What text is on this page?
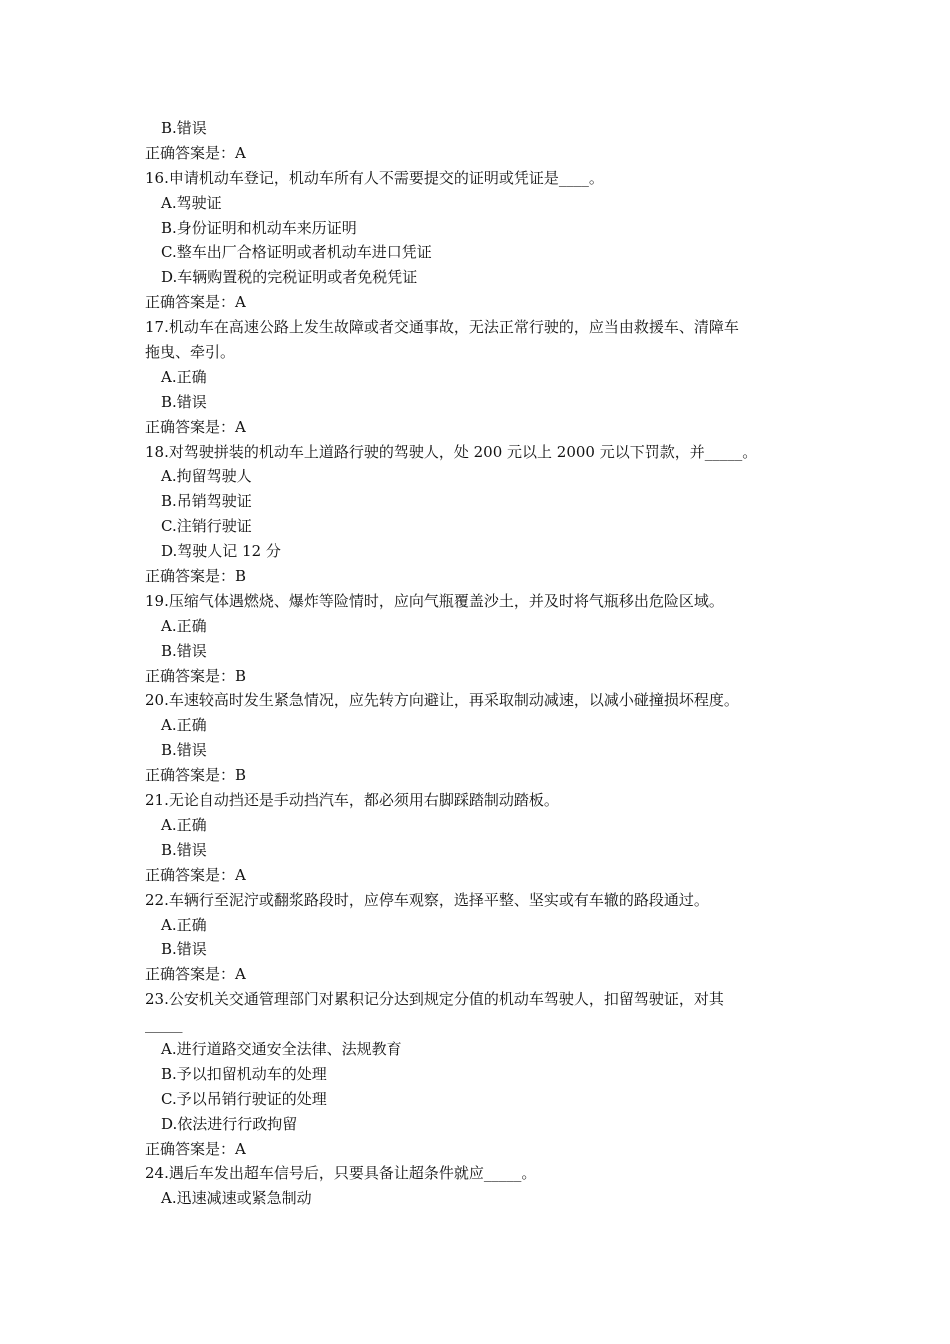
B.错误
正确答案是：A
16.申请机动车登记，机动车所有人不需要提交的证明或凭证是____。
A.驾驶证
B.身份证明和机动车来历证明
C.整车出厂合格证明或者机动车进口凭证
D.车辆购置税的完税证明或者免税凭证
正确答案是：A
17.机动车在高速公路上发生故障或者交通事故，无法正常行驶的，应当由救援车、清障车
拖曳、牵引。
A.正确
B.错误
正确答案是：A
18.对驾驶拼装的机动车上道路行驶的驾驶人，处 200 元以上 2000 元以下罚款，并_____。
A.拘留驾驶人
B.吊销驾驶证
C.注销行驶证
D.驾驶人记 12 分
正确答案是：B
19.压缩气体遇燃烧、爆炸等险情时，应向气瓶覆盖沙土，并及时将气瓶移出危险区域。
A.正确
B.错误
正确答案是：B
20.车速较高时发生紧急情况，应先转方向避让，再采取制动减速，以减小碰撞损坏程度。
A.正确
B.错误
正确答案是：B
21.无论自动挡还是手动挡汽车，都必须用右脚踩踏制动踏板。
A.正确
B.错误
正确答案是：A
22.车辆行至泥泞或翻浆路段时，应停车观察，选择平整、坚实或有车辙的路段通过。
A.正确
B.错误
正确答案是：A
23.公安机关交通管理部门对累积记分达到规定分值的机动车驾驶人，扣留驾驶证，对其
_____
A.进行道路交通安全法律、法规教育
B.予以扣留机动车的处理
C.予以吊销行驶证的处理
D.依法进行行政拘留
正确答案是：A
24.遇后车发出超车信号后，只要具备让超条件就应_____。
A.迅速减速或紧急制动
